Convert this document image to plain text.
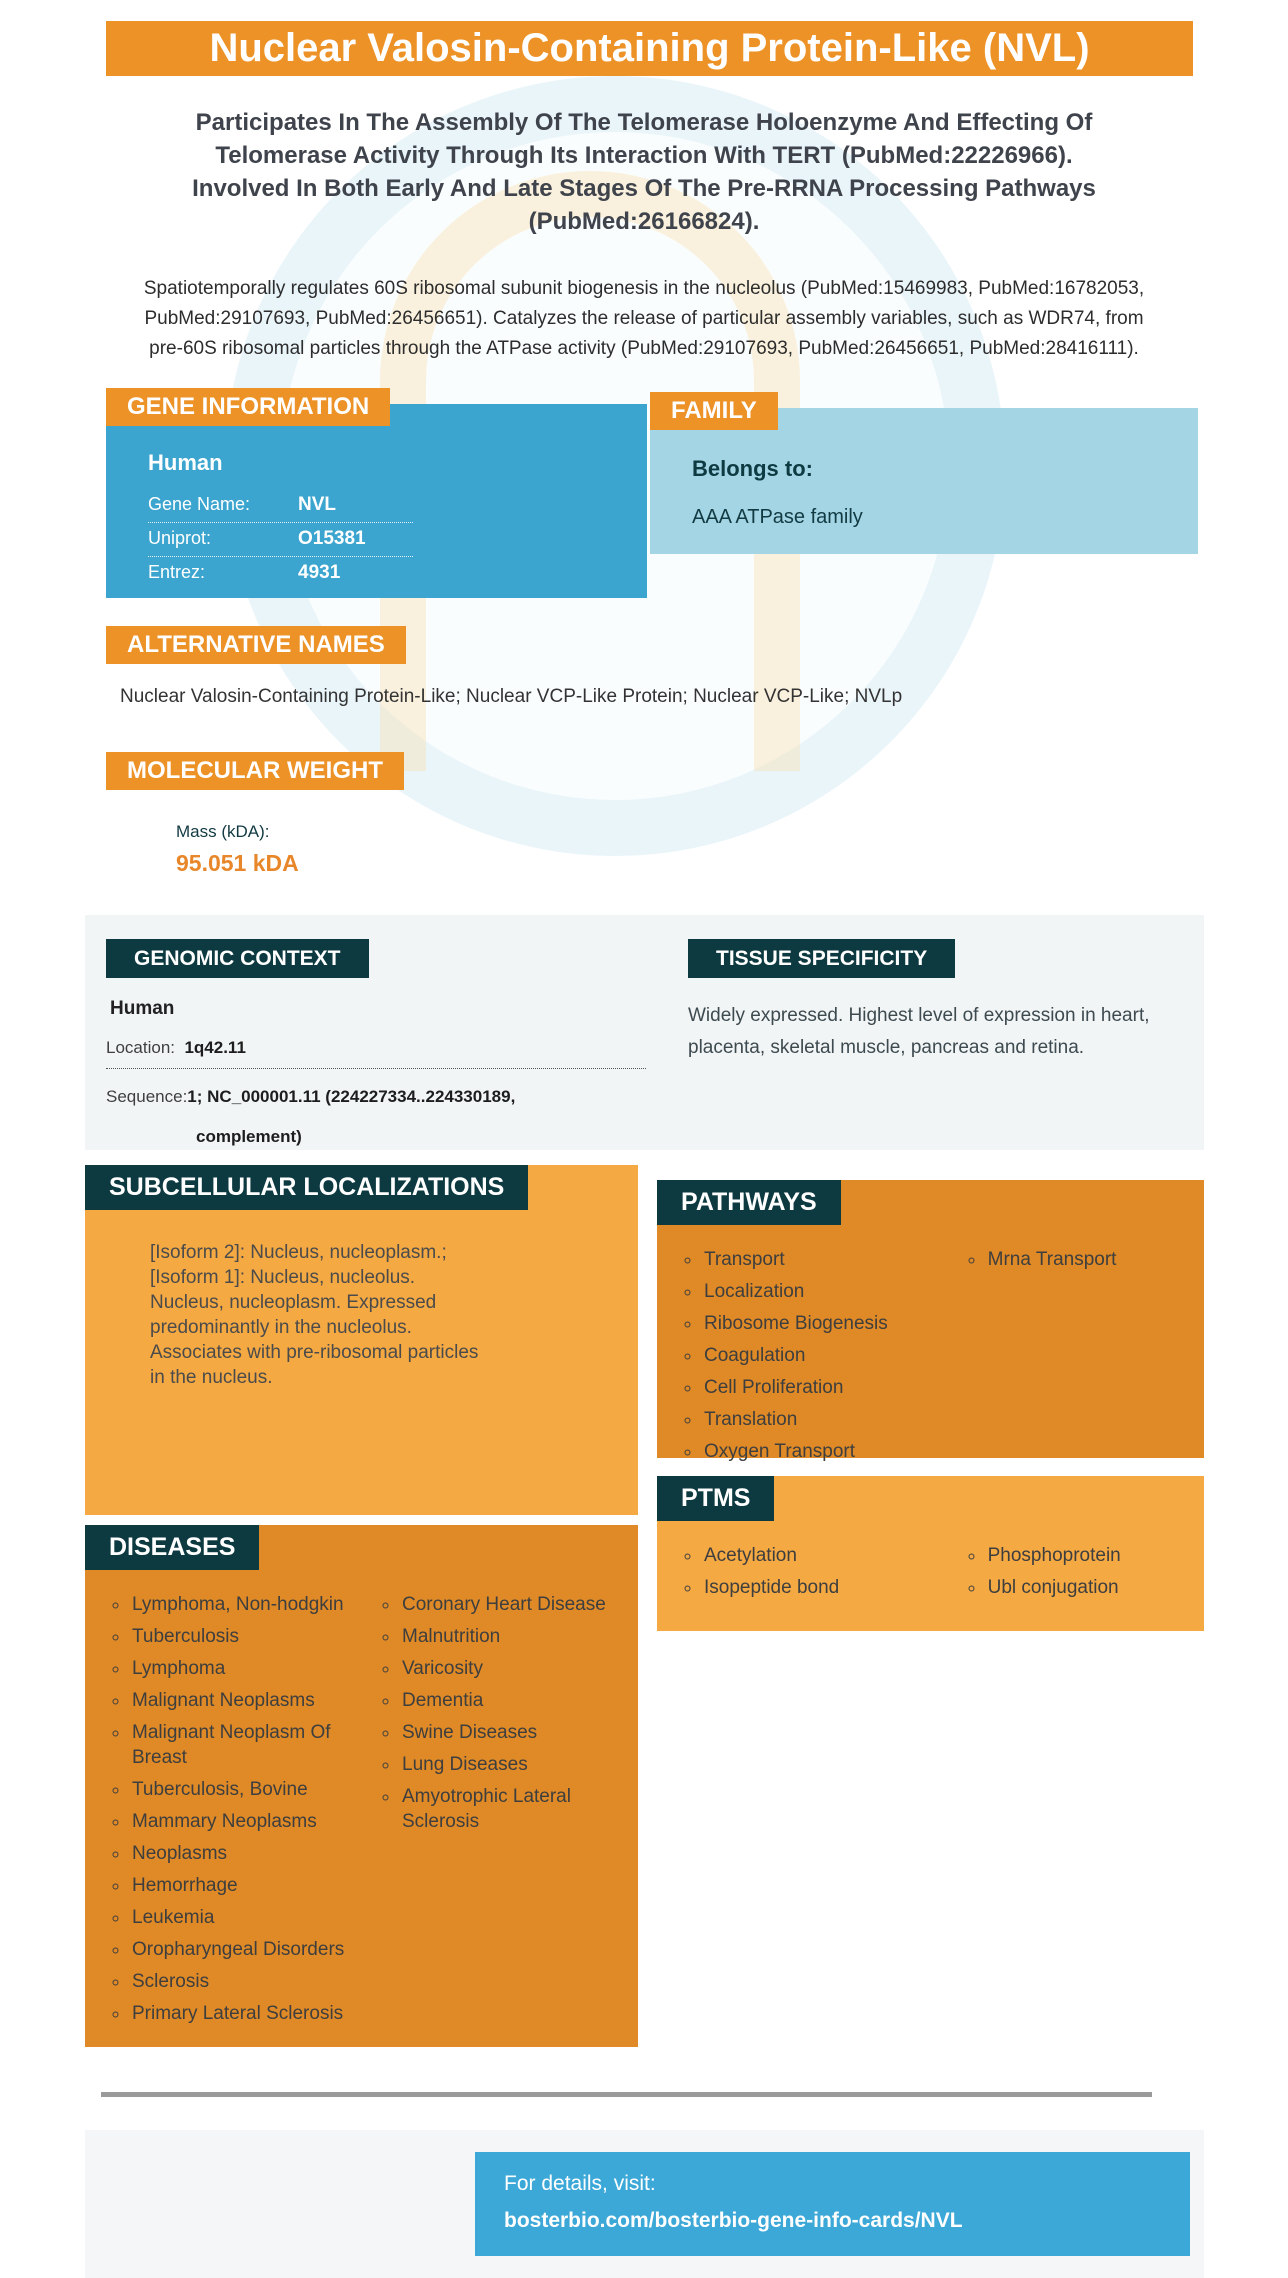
Nuclear Valosin-Containing Protein-Like (NVL)
Participates In The Assembly Of The Telomerase Holoenzyme And Effecting Of Telomerase Activity Through Its Interaction With TERT (PubMed:22226966). Involved In Both Early And Late Stages Of The Pre-RRNA Processing Pathways (PubMed:26166824).
Spatiotemporally regulates 60S ribosomal subunit biogenesis in the nucleolus (PubMed:15469983, PubMed:16782053, PubMed:29107693, PubMed:26456651). Catalyzes the release of particular assembly variables, such as WDR74, from pre-60S ribosomal particles through the ATPase activity (PubMed:29107693, PubMed:26456651, PubMed:28416111).
GENE INFORMATION
Human
Gene Name:	NVL
Uniprot:	O15381
Entrez:	4931
FAMILY
Belongs to:
AAA ATPase family
ALTERNATIVE NAMES
Nuclear Valosin-Containing Protein-Like; Nuclear VCP-Like Protein; Nuclear VCP-Like; NVLp
MOLECULAR WEIGHT
Mass (kDA):
95.051 kDA
GENOMIC CONTEXT
Human
Location: 1q42.11
Sequence:1; NC_000001.11 (224227334..224330189,
complement)
TISSUE SPECIFICITY
Widely expressed. Highest level of expression in heart, placenta, skeletal muscle, pancreas and retina.
SUBCELLULAR LOCALIZATIONS
[Isoform 2]: Nucleus, nucleoplasm.; [Isoform 1]: Nucleus, nucleolus. Nucleus, nucleoplasm. Expressed predominantly in the nucleolus. Associates with pre-ribosomal particles in the nucleus.
DISEASES
◦ Lymphoma, Non-hodgkin
◦ Tuberculosis
◦ Lymphoma
◦ Malignant Neoplasms
◦ Malignant Neoplasm Of Breast
◦ Tuberculosis, Bovine
◦ Mammary Neoplasms
◦ Neoplasms
◦ Hemorrhage
◦ Leukemia
◦ Oropharyngeal Disorders
◦ Sclerosis
◦ Primary Lateral Sclerosis
◦ Coronary Heart Disease
◦ Malnutrition
◦ Varicosity
◦ Dementia
◦ Swine Diseases
◦ Lung Diseases
◦ Amyotrophic Lateral Sclerosis
PATHWAYS
◦ Transport
◦ Localization
◦ Ribosome Biogenesis
◦ Coagulation
◦ Cell Proliferation
◦ Translation
◦ Oxygen Transport
◦ Mrna Transport
PTMS
◦ Acetylation
◦ Isopeptide bond
◦ Phosphoprotein
◦ Ubl conjugation
For details, visit:
bosterbio.com/bosterbio-gene-info-cards/NVL
